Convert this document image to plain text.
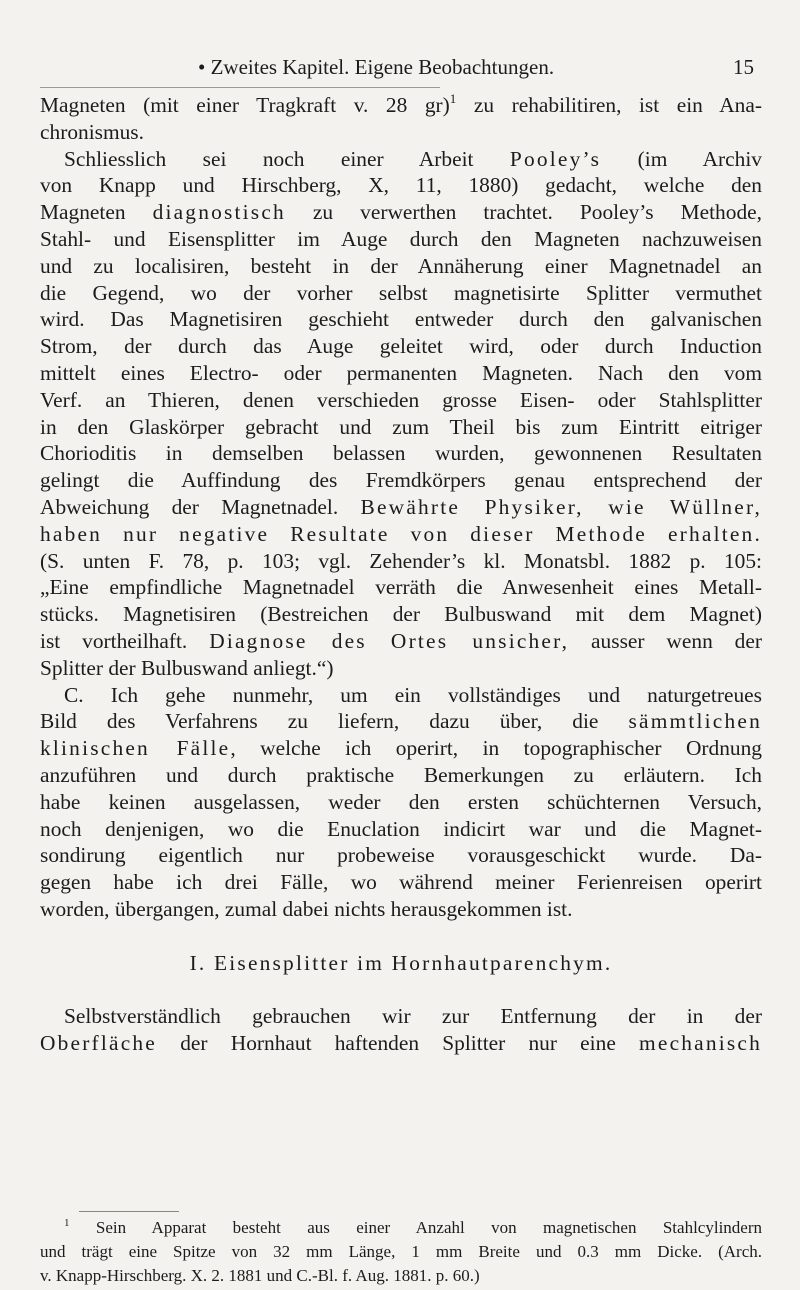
• Zweites Kapitel. Eigene Beobachtungen.	15
Magneten (mit einer Tragkraft v. 28 gr)$^1$ zu rehabilitiren, ist ein Ana-
chronismus.
Schliesslich sei noch einer Arbeit Pooley’s (im Archiv
von Knapp und Hirschberg, X, 11, 1880) gedacht, welche den
Magneten diagnostisch zu verwerthen trachtet. Pooley’s Methode,
Stahl- und Eisensplitter im Auge durch den Magneten nachzuweisen
und zu localisiren, besteht in der Annäherung einer Magnetnadel an
die Gegend, wo der vorher selbst magnetisirte Splitter vermuthet
wird. Das Magnetisiren geschieht entweder durch den galvanischen
Strom, der durch das Auge geleitet wird, oder durch Induction
mittelt eines Electro- oder permanenten Magneten. Nach den vom
Verf. an Thieren, denen verschieden grosse Eisen- oder Stahlsplitter
in den Glaskörper gebracht und zum Theil bis zum Eintritt eitriger
Chorioditis in demselben belassen wurden, gewonnenen Resultaten
gelingt die Auffindung des Fremdkörpers genau entsprechend der
Abweichung der Magnetnadel. Bewährte Physiker, wie Wüllner,
haben nur negative Resultate von dieser Methode erhalten.
(S. unten F. 78, p. 103; vgl. Zehender’s kl. Monatsbl. 1882 p. 105:
„Eine empfindliche Magnetnadel verräth die Anwesenheit eines Metall-
stücks. Magnetisiren (Bestreichen der Bulbuswand mit dem Magnet)
ist vortheilhaft. Diagnose des Ortes unsicher, ausser wenn der
Splitter der Bulbuswand anliegt.“)
C. Ich gehe nunmehr, um ein vollständiges und naturgetreues
Bild des Verfahrens zu liefern, dazu über, die sämmtlichen
klinischen Fälle, welche ich operirt, in topographischer Ordnung
anzuführen und durch praktische Bemerkungen zu erläutern. Ich
habe keinen ausgelassen, weder den ersten schüchternen Versuch,
noch denjenigen, wo die Enuclation indicirt war und die Magnet-
sondirung eigentlich nur probeweise vorausgeschickt wurde. Da-
gegen habe ich drei Fälle, wo während meiner Ferienreisen operirt
worden, übergangen, zumal dabei nichts herausgekommen ist.
I. Eisensplitter im Hornhautparenchym.
Selbstverständlich gebrauchen wir zur Entfernung der in der
Oberfläche der Hornhaut haftenden Splitter nur eine mechanisch
$^1$ Sein Apparat besteht aus einer Anzahl von magnetischen Stahlcylindern
und trägt eine Spitze von 32 mm Länge, 1 mm Breite und 0.3 mm Dicke. (Arch.
v. Knapp-Hirschberg. X. 2. 1881 und C.-Bl. f. Aug. 1881. p. 60.)
